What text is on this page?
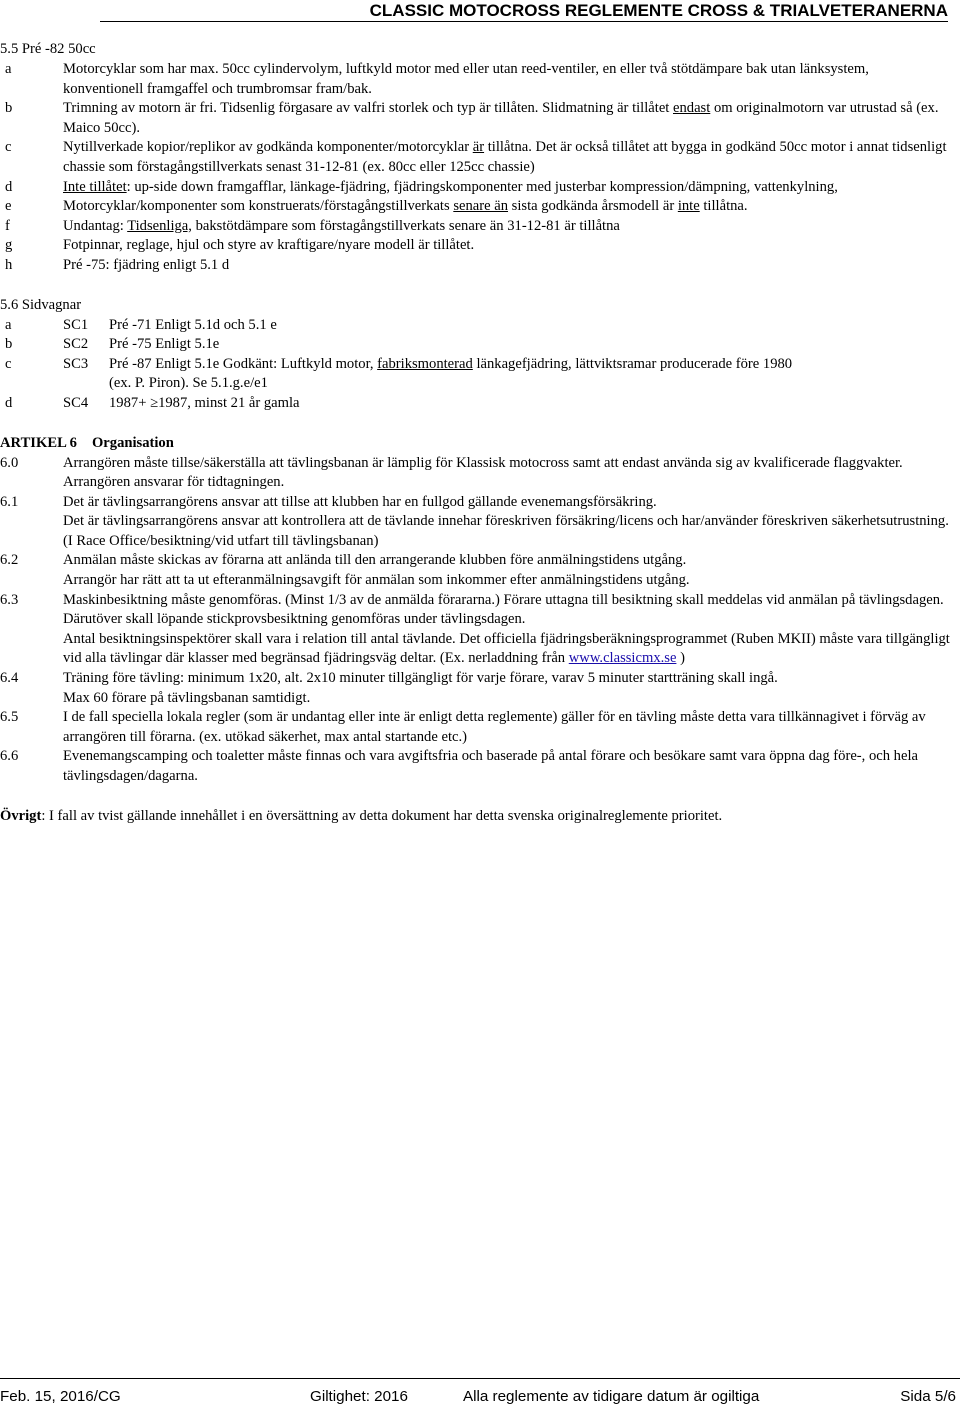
CLASSIC MOTOCROSS REGLEMENTE CROSS & TRIALVETERANERNA
5.5 Pré -82 50cc
a	Motorcyklar som har max. 50cc cylindervolym, luftkyld motor med eller utan reed-ventiler, en eller två stötdämpare bak utan länksystem, konventionell framgaffel och trumbromsar fram/bak.
b	Trimning av motorn är fri. Tidsenlig förgasare av valfri storlek och typ är tillåten. Slidmatning är tillåtet endast om originalmotorn var utrustad så (ex. Maico 50cc).
c	Nytillverkade kopior/replikor av godkända komponenter/motorcyklar är tillåtna. Det är också tillåtet att bygga in godkänd 50cc motor i annat tidsenligt chassie som förstagångstillverkats senast 31-12-81 (ex. 80cc eller 125cc chassie)
d	Inte tillåtet: up-side down framgafflar, länkage-fjädring, fjädringskomponenter med justerbar kompression/dämpning, vattenkylning,
e	Motorcyklar/komponenter som konstruerats/förstagångstillverkats senare än sista godkända årsmodell är inte tillåtna.
f	Undantag: Tidsenliga, bakstötdämpare som förstagångstillverkats senare än 31-12-81 är tillåtna
g	Fotpinnar, reglage, hjul och styre av kraftigare/nyare modell är tillåtet.
h	Pré -75: fjädring enligt 5.1 d
5.6 Sidvagnar
a	SC1 Pré -71 Enligt 5.1d och 5.1 e
b	SC2 Pré -75 Enligt 5.1e
c	SC3 Pré -87 Enligt 5.1e Godkänt: Luftkyld motor, fabriksmonterad länkagefjädring, lättviktsramar producerade före 1980
(ex. P. Piron). Se 5.1.g.e/e1
d	SC4 1987+ ≥1987, minst 21 år gamla
ARTIKEL 6 Organisation
6.0	Arrangören måste tillse/säkerställa att tävlingsbanan är lämplig för Klassisk motocross samt att endast använda sig av kvalificerade flaggvakter. Arrangören ansvarar för tidtagningen.
6.1	Det är tävlingsarrangörens ansvar att tillse att klubben har en fullgod gällande evenemangsförsäkring.
Det är tävlingsarrangörens ansvar att kontrollera att de tävlande innehar föreskriven försäkring/licens och har/använder föreskriven säkerhetsutrustning. (I Race Office/besiktning/vid utfart till tävlingsbanan)
6.2	Anmälan måste skickas av förarna att anlända till den arrangerande klubben före anmälningstidens utgång.
Arrangör har rätt att ta ut efteranmälningsavgift för anmälan som inkommer efter anmälningstidens utgång.
6.3	Maskinbesiktning måste genomföras. (Minst 1/3 av de anmälda förararna.) Förare uttagna till besiktning skall meddelas vid anmälan på tävlingsdagen. Därutöver skall löpande stickprovsbesiktning genomföras under tävlingsdagen.
Antal besiktningsinspektörer skall vara i relation till antal tävlande. Det officiella fjädringsberäkningsprogrammet (Ruben MKII) måste vara tillgängligt vid alla tävlingar där klasser med begränsad fjädringsväg deltar. (Ex. nerladdning från www.classicmx.se )
6.4	Träning före tävling: minimum 1x20, alt. 2x10 minuter tillgängligt för varje förare, varav 5 minuter startträning skall ingå.
Max 60 förare på tävlingsbanan samtidigt.
6.5	I de fall speciella lokala regler (som är undantag eller inte är enligt detta reglemente) gäller för en tävling måste detta vara tillkännagivet i förväg av arrangören till förarna. (ex. utökad säkerhet, max antal startande etc.)
6.6	Evenemangscamping och toaletter måste finnas och vara avgiftsfria och baserade på antal förare och besökare samt vara öppna dag före-, och hela tävlingsdagen/dagarna.
Övrigt: I fall av tvist gällande innehållet i en översättning av detta dokument har detta svenska originalreglemente prioritet.
Feb. 15, 2016/CG	Giltighet: 2016	Alla reglemente av tidigare datum är ogiltiga	Sida 5/6
